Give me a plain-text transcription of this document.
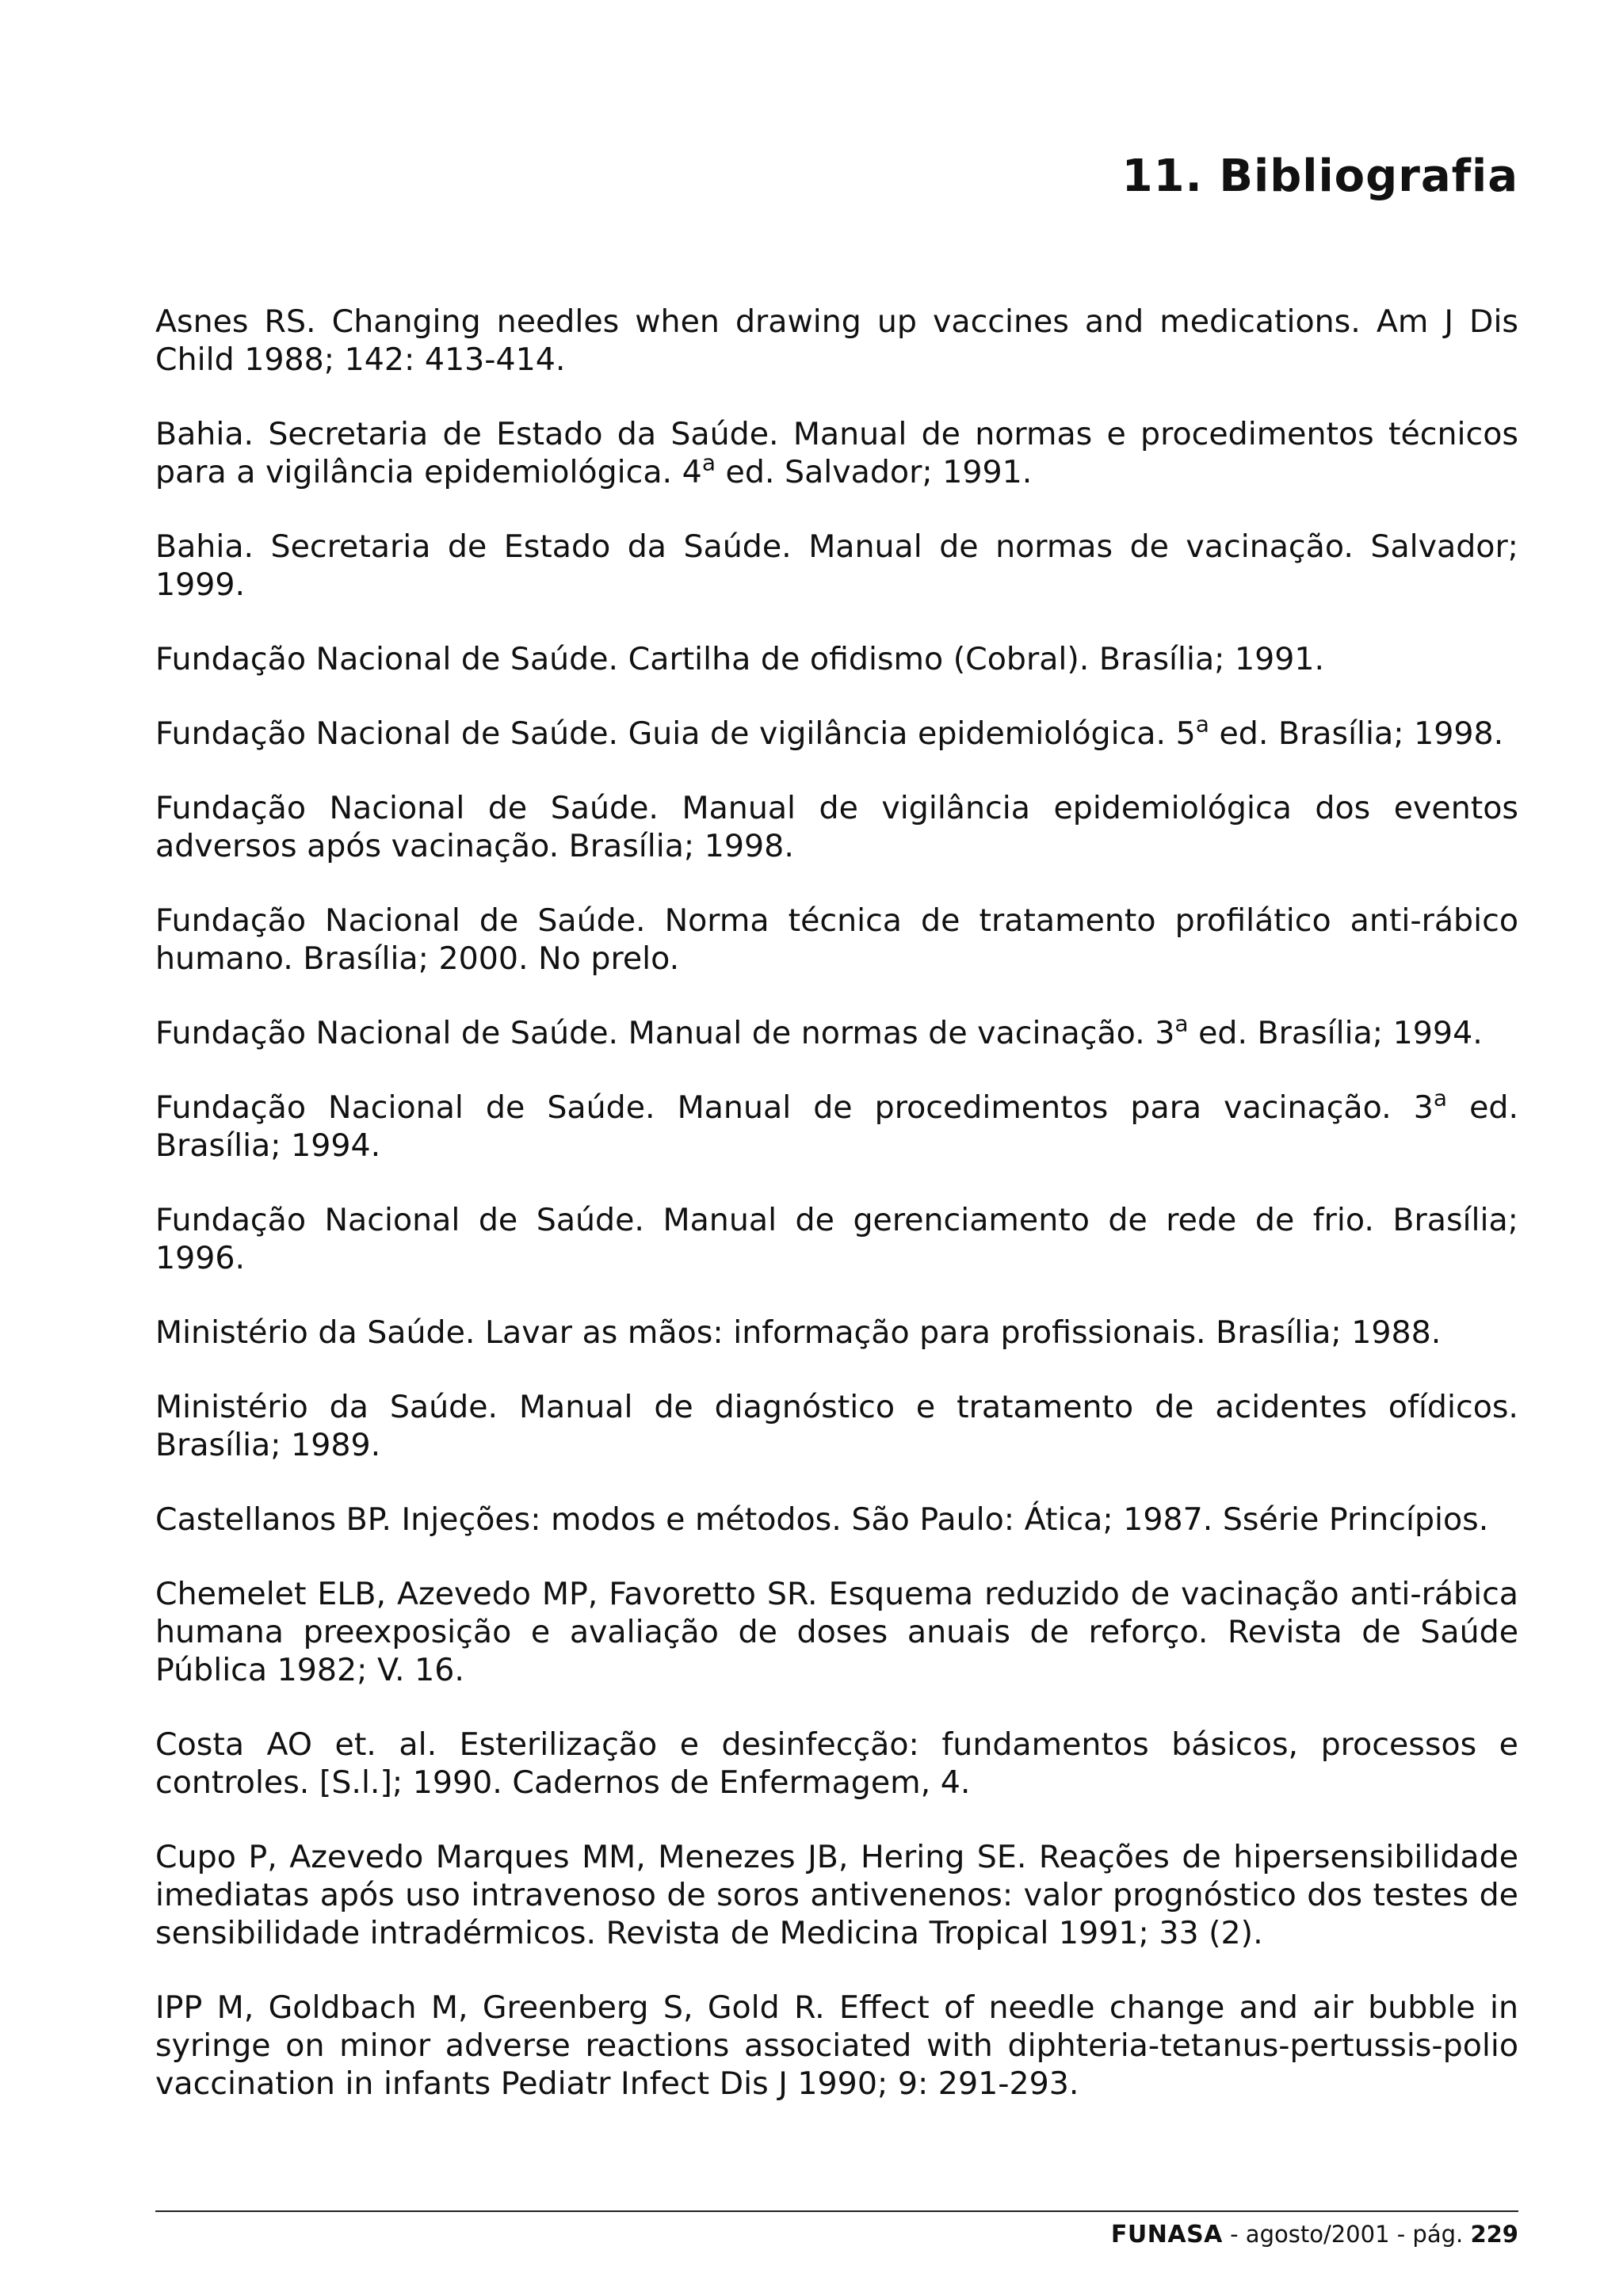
11. Bibliografia
Asnes RS. Changing needles when drawing up vaccines and medications. Am J Dis Child 1988; 142: 413-414.
Bahia. Secretaria de Estado da Saúde. Manual de normas e procedimentos técnicos para a vigilância epidemiológica. 4$^a$ ed. Salvador; 1991.
Bahia. Secretaria de Estado da Saúde. Manual de normas de vacinação. Salvador; 1999.
Fundação Nacional de Saúde. Cartilha de ofidismo (Cobral). Brasília; 1991.
Fundação Nacional de Saúde. Guia de vigilância epidemiológica. 5$^a$ ed. Brasília; 1998.
Fundação Nacional de Saúde. Manual de vigilância epidemiológica dos eventos adversos após vacinação. Brasília; 1998.
Fundação Nacional de Saúde. Norma técnica de tratamento profilático anti-rábico humano. Brasília; 2000. No prelo.
Fundação Nacional de Saúde. Manual de normas de vacinação. 3$^a$ ed. Brasília; 1994.
Fundação Nacional de Saúde. Manual de procedimentos para vacinação. 3$^a$ ed. Brasília; 1994.
Fundação Nacional de Saúde. Manual de gerenciamento de rede de frio. Brasília; 1996.
Ministério da Saúde. Lavar as mãos: informação para profissionais. Brasília; 1988.
Ministério da Saúde. Manual de diagnóstico e tratamento de acidentes ofídicos. Brasília; 1989.
Castellanos BP. Injeções: modos e métodos. São Paulo: Ática; 1987. Ssérie Princípios.
Chemelet ELB, Azevedo MP, Favoretto SR. Esquema reduzido de vacinação anti-rábica humana preexposição e avaliação de doses anuais de reforço. Revista de Saúde Pública 1982; V. 16.
Costa AO et. al. Esterilização e desinfecção: fundamentos básicos, processos e controles. [S.l.]; 1990. Cadernos de Enfermagem, 4.
Cupo P, Azevedo Marques MM, Menezes JB, Hering SE. Reações de hipersensibilidade imediatas após uso intravenoso de soros antivenenos: valor prognóstico dos testes de sensibilidade intradérmicos. Revista de Medicina Tropical 1991; 33 (2).
IPP M, Goldbach M, Greenberg S, Gold R. Effect of needle change and air bubble in syringe on minor adverse reactions associated with diphteria-tetanus-pertussis-polio vaccination in infants Pediatr Infect Dis J 1990; 9: 291-293.
FUNASA - agosto/2001 - pág. 229
